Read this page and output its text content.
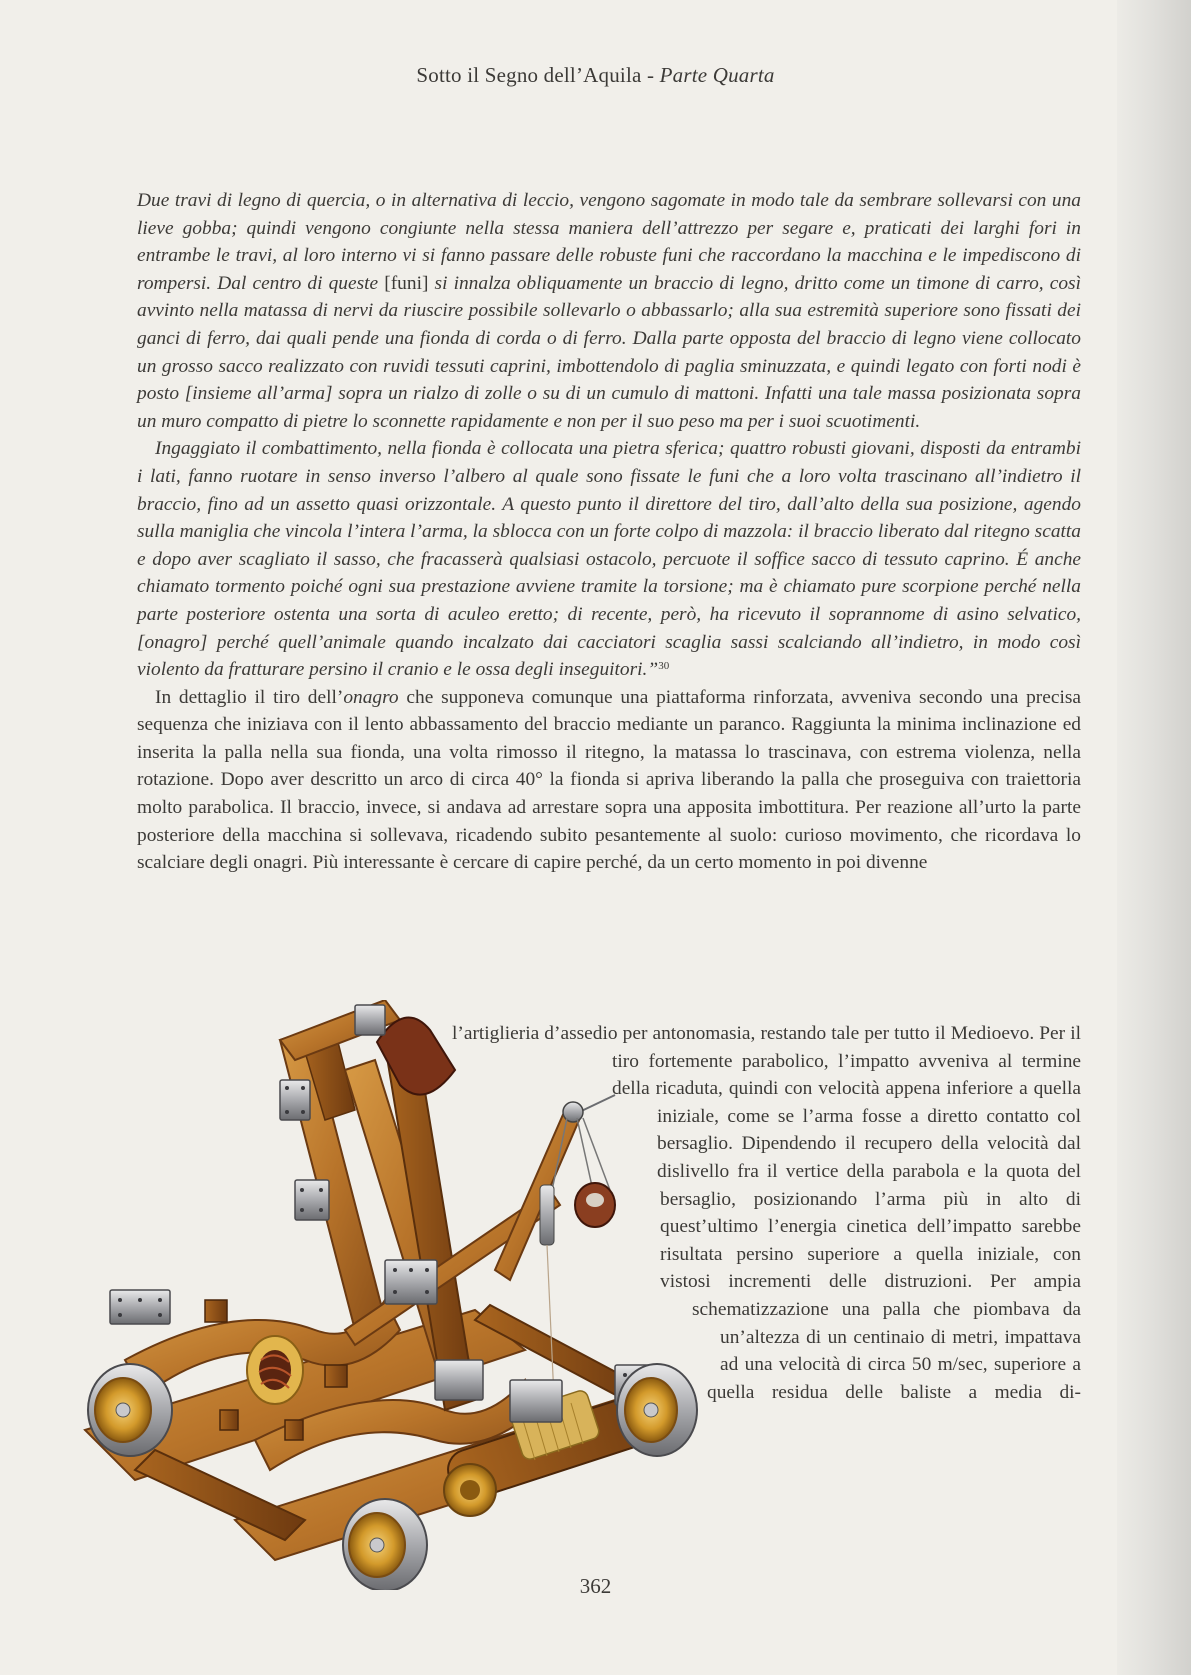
Sotto il Segno dell’Aquila - Parte Quarta

Due travi di legno di quercia, o in alternativa di leccio, vengono sagomate in modo tale da sembrare sollevarsi con una lieve gobba; quindi vengono congiunte nella stessa maniera dell’attrezzo per segare e, praticati dei larghi fori in entrambe le travi, al loro interno vi si fanno passare delle robuste funi che raccordano la macchina e le impediscono di rompersi. Dal centro di queste [funi] si innalza obliquamente un braccio di legno, dritto come un timone di carro, così avvinto nella matassa di nervi da riuscire possibile sollevarlo o abbassarlo; alla sua estremità superiore sono fissati dei ganci di ferro, dai quali pende una fionda di corda o di ferro. Dalla parte opposta del braccio di legno viene collocato un grosso sacco realizzato con ruvidi tessuti caprini, imbottendolo di paglia sminuzzata, e quindi legato con forti nodi è posto [insieme all’arma] sopra un rialzo di zolle o su di un cumulo di mattoni. Infatti una tale massa posizionata sopra un muro compatto di pietre lo sconnette rapidamente e non per il suo peso ma per i suoi scuotimenti.

Ingaggiato il combattimento, nella fionda è collocata una pietra sferica; quattro robusti giovani, disposti da entrambi i lati, fanno ruotare in senso inverso l’albero al quale sono fissate le funi che a loro volta trascinano all’indietro il braccio, fino ad un assetto quasi orizzontale. A questo punto il direttore del tiro, dall’alto della sua posizione, agendo sulla maniglia che vincola l’intera l’arma, la sblocca con un forte colpo di mazzola: il braccio liberato dal ritegno scatta e dopo aver scagliato il sasso, che fracasserà qualsiasi ostacolo, percuote il soffice sacco di tessuto caprino. É anche chiamato tormento poiché ogni sua prestazione avviene tramite la torsione; ma è chiamato pure scorpione perché nella parte posteriore ostenta una sorta di aculeo eretto; di recente, però, ha ricevuto il soprannome di asino selvatico, [onagro] perché quell’animale quando incalzato dai cacciatori scaglia sassi scalciando all’indietro, in modo così violento da fratturare persino il cranio e le ossa degli inseguitori.”$^{30}$

In dettaglio il tiro dell’onagro che supponeva comunque una piattaforma rinforzata, avveniva secondo una precisa sequenza che iniziava con il lento abbassamento del braccio mediante un paranco. Raggiunta la minima inclinazione ed inserita la palla nella sua fionda, una volta rimosso il ritegno, la matassa lo trascinava, con estrema violenza, nella rotazione. Dopo aver descritto un arco di circa 40° la fionda si apriva liberando la palla che proseguiva con traiettoria molto parabolica. Il braccio, invece, si andava ad arrestare sopra una apposita imbottitura. Per reazione all’urto la parte posteriore della macchina si sollevava, ricadendo subito pesantemente al suolo: curioso movimento, che ricordava lo scalciare degli onagri. Più interessante è cercare di capire perché, da un certo momento in poi divenne

l’artiglieria d’assedio per antonomasia, restando tale per tutto il Medioevo. Per il tiro fortemente parabolico, l’impatto avveniva al termine della ricaduta, quindi con velocità appena inferiore a quella iniziale, come se l’arma fosse a diretto contatto col bersaglio. Dipendendo il recupero della velocità dal dislivello fra il vertice della parabola e la quota del bersaglio, posizionando l’arma più in alto di quest’ultimo l’energia cinetica dell’impatto sarebbe risultata persino superiore a quella iniziale, con vistosi incrementi delle distruzioni. Per ampia schematizzazione una palla che piombava da un’altezza di un centinaio di metri, impattava ad una velocità di circa 50 m/sec, superiore a quella residua delle baliste a media di-

362
